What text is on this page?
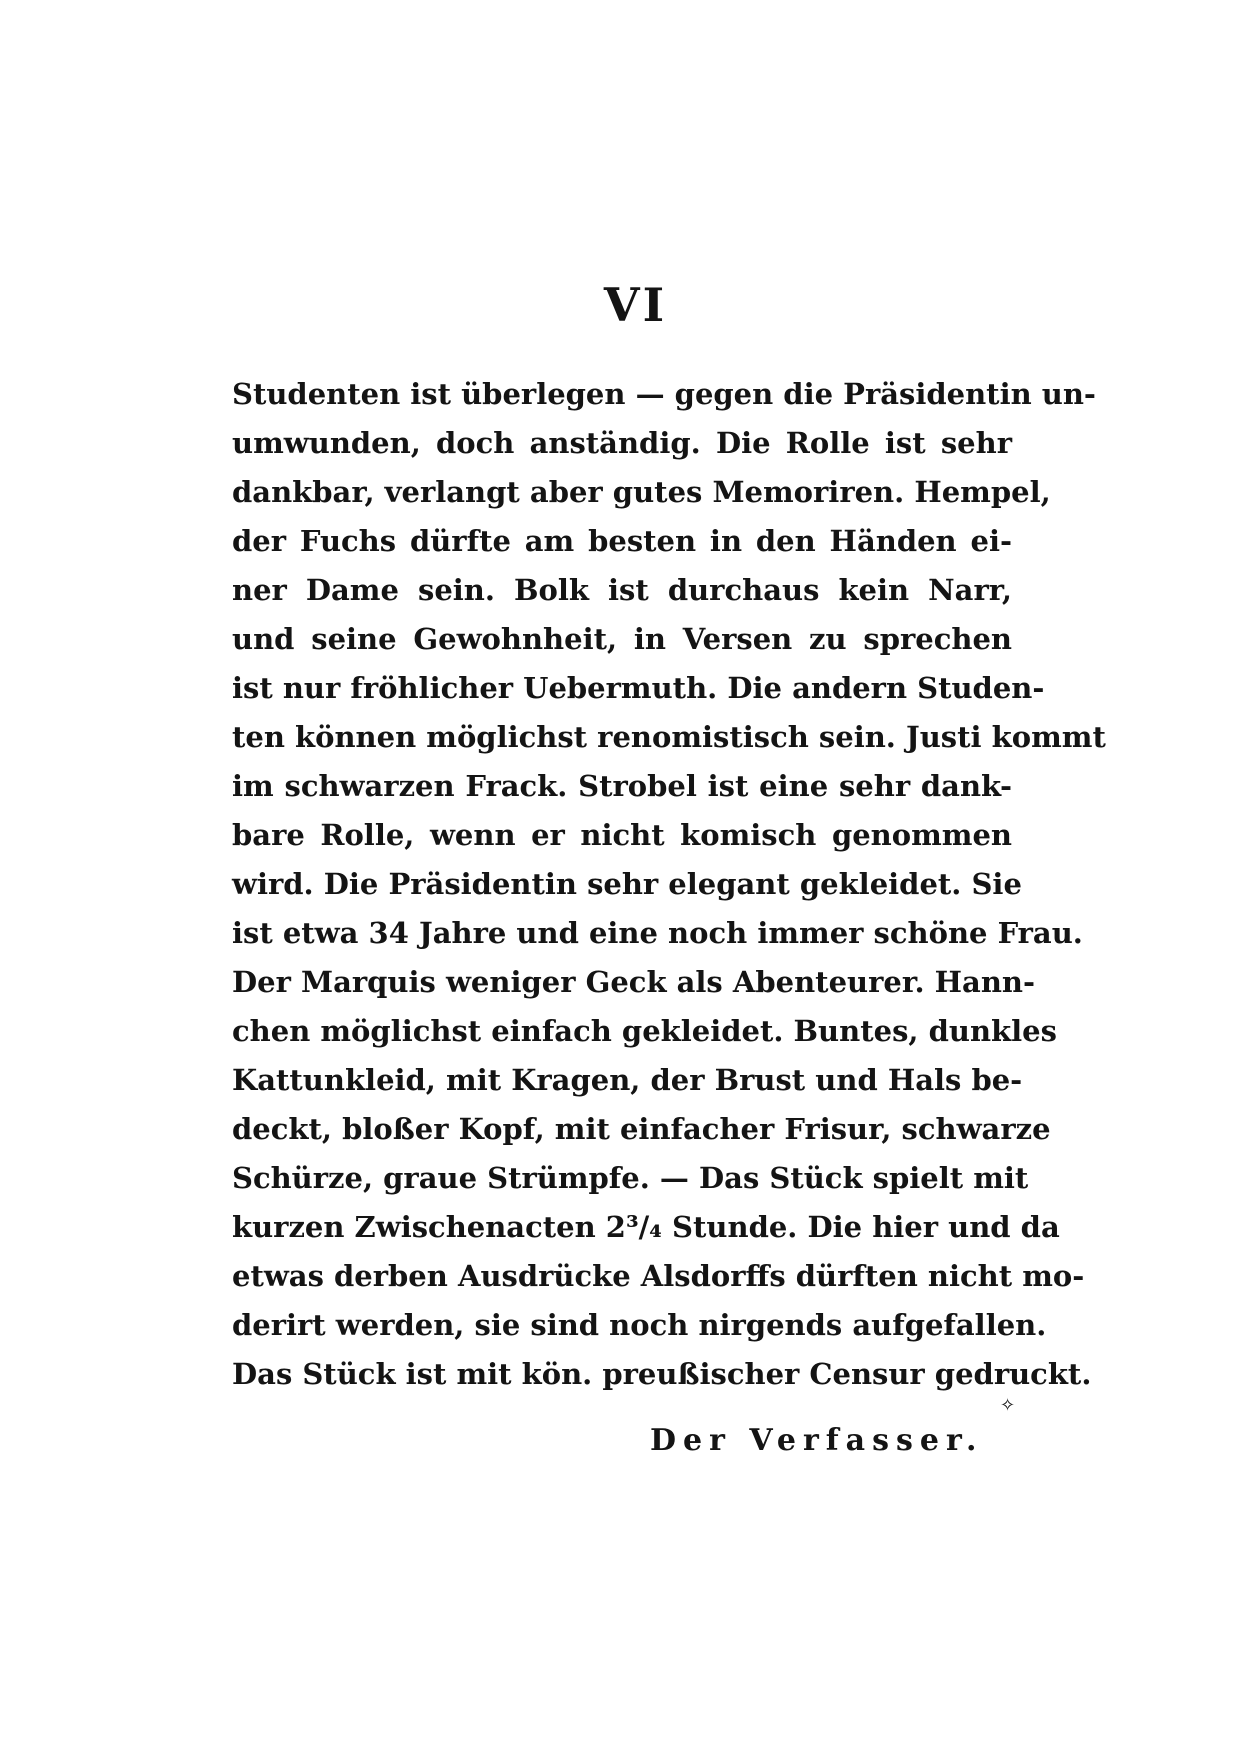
VI
Studenten ist überlegen — gegen die Präsidentin un-
umwunden, doch anständig. Die Rolle ist sehr
dankbar, verlangt aber gutes Memoriren. Hempel,
der Fuchs dürfte am besten in den Händen ei-
ner Dame sein. Bolk ist durchaus kein Narr,
und seine Gewohnheit, in Versen zu sprechen
ist nur fröhlicher Uebermuth. Die andern Studen-
ten können möglichst renomistisch sein. Justi kommt
im schwarzen Frack. Strobel ist eine sehr dank-
bare Rolle, wenn er nicht komisch genommen
wird. Die Präsidentin sehr elegant gekleidet. Sie
ist etwa 34 Jahre und eine noch immer schöne Frau.
Der Marquis weniger Geck als Abenteurer. Hann-
chen möglichst einfach gekleidet. Buntes, dunkles
Kattunkleid, mit Kragen, der Brust und Hals be-
deckt, bloßer Kopf, mit einfacher Frisur, schwarze
Schürze, graue Strümpfe. — Das Stück spielt mit
kurzen Zwischenacten 2³/₄ Stunde. Die hier und da
etwas derben Ausdrücke Alsdorffs dürften nicht mo-
derirt werden, sie sind noch nirgends aufgefallen.
Das Stück ist mit kön. preußischer Censur gedruckt.
✧
Der Verfasser.
